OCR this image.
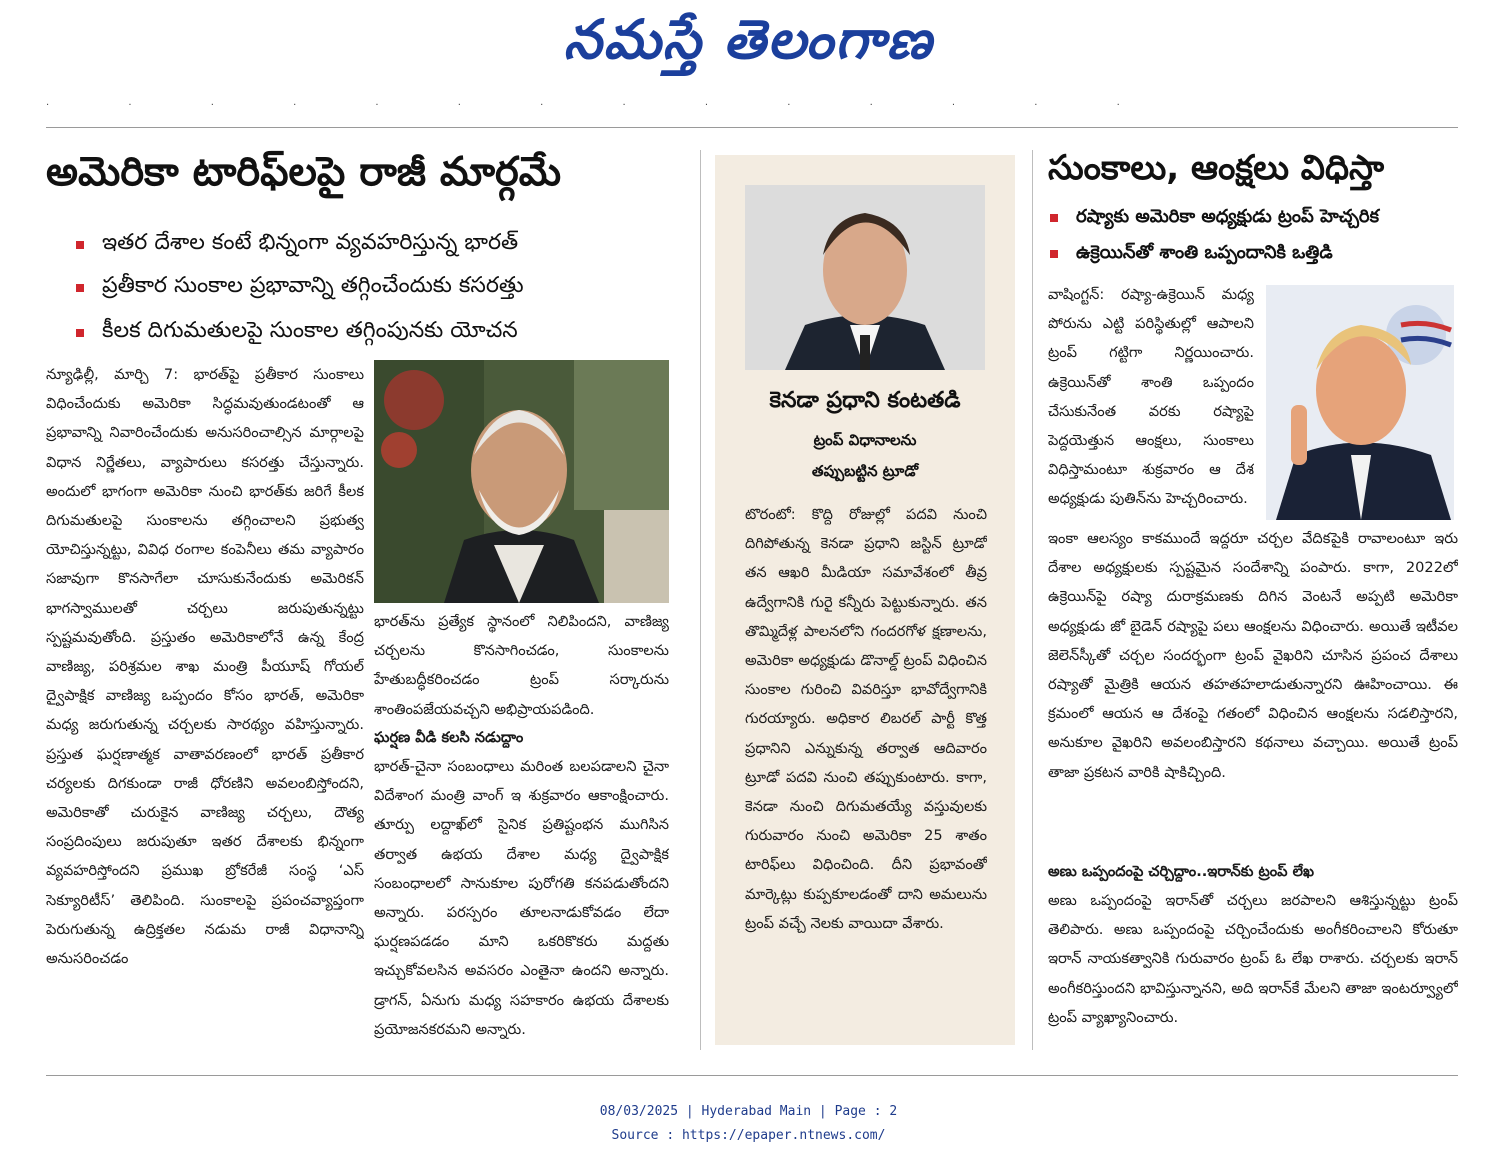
నమస్తే తెలంగాణ
· · · · · · · · · · · · · ·
అమెరికా టారిఫ్‌లపై రాజీ మార్గమే
ఇతర దేశాల కంటే భిన్నంగా వ్యవహరిస్తున్న భారత్
ప్రతీకార సుంకాల ప్రభావాన్ని తగ్గించేందుకు కసరత్తు
కీలక దిగుమతులపై సుంకాల తగ్గింపునకు యోచన

న్యూఢిల్లీ, మార్చి 7: భారత్‌పై ప్రతీకార సుంకాలు విధించేందుకు అమెరికా సిద్ధమవుతుండటంతో ఆ ప్రభావాన్ని నివారించేందుకు అనుసరించాల్సిన మార్గాలపై విధాన నిర్ణేతలు, వ్యాపారులు కసరత్తు చేస్తున్నారు. అందులో భాగంగా అమెరికా నుంచి భారత్‌కు జరిగే కీలక దిగుమతులపై సుంకాలను తగ్గించాలని ప్రభుత్వ యోచిస్తున్నట్టు, వివిధ రంగాల కంపెనీలు తమ వ్యాపారం సజావుగా కొనసాగేలా చూసుకునేందుకు అమెరికన్ భాగస్వాములతో చర్చలు జరుపుతున్నట్టు స్పష్టమవుతోంది. ప్రస్తుతం అమెరికాలోనే ఉన్న కేంద్ర వాణిజ్య, పరిశ్రమల శాఖ మంత్రి పీయూష్ గోయల్ ద్వైపాక్షిక వాణిజ్య ఒప్పందం కోసం భారత్, అమెరికా మధ్య జరుగుతున్న చర్చలకు సారథ్యం వహిస్తున్నారు. ప్రస్తుత ఘర్షణాత్మక వాతావరణంలో భారత్ ప్రతీకార చర్యలకు దిగకుండా రాజీ ధోరణిని అవలంబిస్తోందని, అమెరికాతో చురుకైన వాణిజ్య చర్చలు, దౌత్య సంప్రదింపులు జరుపుతూ ఇతర దేశాలకు భిన్నంగా వ్యవహరిస్తోందని ప్రముఖ బ్రోకరేజీ సంస్థ ‘ఎస్ సెక్యూరిటీస్’ తెలిపింది. సుంకాలపై ప్రపంచవ్యాప్తంగా పెరుగుతున్న ఉద్రిక్తతల నడుమ రాజీ విధానాన్ని అనుసరించడం

భారత్‌ను ప్రత్యేక స్థానంలో నిలిపిందని, వాణిజ్య చర్చలను కొనసాగించడం, సుంకాలను హేతుబద్ధీకరించడం ట్రంప్ సర్కారును శాంతింపజేయవచ్చని అభిప్రాయపడింది.

ఘర్షణ వీడి కలసి నడుద్దాం

భారత్-చైనా సంబంధాలు మరింత బలపడాలని చైనా విదేశాంగ మంత్రి వాంగ్ ఇ శుక్రవారం ఆకాంక్షించారు. తూర్పు లద్దాఖ్‌లో సైనిక ప్రతిష్టంభన ముగిసిన తర్వాత ఉభయ దేశాల మధ్య ద్వైపాక్షిక సంబంధాలలో సానుకూల పురోగతి కనపడుతోందని అన్నారు. పరస్పరం తూలనాడుకోవడం లేదా ఘర్షణపడడం మాని ఒకరికొకరు మద్దతు ఇచ్చుకోవలసిన అవసరం ఎంతైనా ఉందని అన్నారు. డ్రాగన్, ఏనుగు మధ్య సహకారం ఉభయ దేశాలకు ప్రయోజనకరమని అన్నారు.

కెనడా ప్రధాని కంటతడి
ట్రంప్ విధానాలను
తప్పుబట్టిన ట్రూడో

టొరంటో: కొద్ది రోజుల్లో పదవి నుంచి దిగిపోతున్న కెనడా ప్రధాని జస్టిన్ ట్రూడో తన ఆఖరి మీడియా సమావేశంలో తీవ్ర ఉద్వేగానికి గురై కన్నీరు పెట్టుకున్నారు. తన తొమ్మిదేళ్ల పాలనలోని గందరగోళ క్షణాలను, అమెరికా అధ్యక్షుడు డొనాల్డ్ ట్రంప్ విధించిన సుంకాల గురించి వివరిస్తూ భావోద్వేగానికి గురయ్యారు. అధికార లిబరల్ పార్టీ కొత్త ప్రధానిని ఎన్నుకున్న తర్వాత ఆదివారం ట్రూడో పదవి నుంచి తప్పుకుంటారు. కాగా, కెనడా నుంచి దిగుమతయ్యే వస్తువులకు గురువారం నుంచి అమెరికా 25 శాతం టారిఫ్‌లు విధించింది. దీని ప్రభావంతో మార్కెట్లు కుప్పకూలడంతో దాని అమలును ట్రంప్ వచ్చే నెలకు వాయిదా వేశారు.

సుంకాలు, ఆంక్షలు విధిస్తా
రష్యాకు అమెరికా అధ్యక్షుడు ట్రంప్ హెచ్చరిక
ఉక్రెయిన్‌తో శాంతి ఒప్పందానికి ఒత్తిడి

వాషింగ్టన్: రష్యా-ఉక్రెయిన్ మధ్య పోరును ఎట్టి పరిస్థితుల్లో ఆపాలని ట్రంప్ గట్టిగా నిర్ణయించారు. ఉక్రెయిన్‌తో శాంతి ఒప్పందం చేసుకునేంత వరకు రష్యాపై పెద్దయెత్తున ఆంక్షలు, సుంకాలు విధిస్తామంటూ శుక్రవారం ఆ దేశ అధ్యక్షుడు పుతిన్‌ను హెచ్చరించారు.

ఇంకా ఆలస్యం కాకముందే ఇద్దరూ చర్చల వేదికపైకి రావాలంటూ ఇరు దేశాల అధ్యక్షులకు స్పష్టమైన సందేశాన్ని పంపారు. కాగా, 2022లో ఉక్రెయిన్‌పై రష్యా దురాక్రమణకు దిగిన వెంటనే అప్పటి అమెరికా అధ్యక్షుడు జో బైడెన్ రష్యాపై పలు ఆంక్షలను విధించారు. అయితే ఇటీవల జెలెన్‌స్కీతో చర్చల సందర్భంగా ట్రంప్ వైఖరిని చూసిన ప్రపంచ దేశాలు రష్యాతో మైత్రికి ఆయన తహతహలాడుతున్నారని ఊహించాయి. ఈ క్రమంలో ఆయన ఆ దేశంపై గతంలో విధించిన ఆంక్షలను సడలిస్తారని, అనుకూల వైఖరిని అవలంబిస్తారని కథనాలు వచ్చాయి. అయితే ట్రంప్ తాజా ప్రకటన వారికి షాకిచ్చింది.

అణు ఒప్పందంపై చర్చిద్దాం..ఇరాన్‌కు ట్రంప్ లేఖ

అణు ఒప్పందంపై ఇరాన్‌తో చర్చలు జరపాలని ఆశిస్తున్నట్టు ట్రంప్ తెలిపారు. అణు ఒప్పందంపై చర్చించేందుకు అంగీకరించాలని కోరుతూ ఇరాన్ నాయకత్వానికి గురువారం ట్రంప్ ఓ లేఖ రాశారు. చర్చలకు ఇరాన్ అంగీకరిస్తుందని భావిస్తున్నానని, అది ఇరాన్‌కే మేలని తాజా ఇంటర్వ్యూలో ట్రంప్ వ్యాఖ్యానించారు.

08/03/2025 | Hyderabad Main | Page : 2
Source : https://epaper.ntnews.com/
